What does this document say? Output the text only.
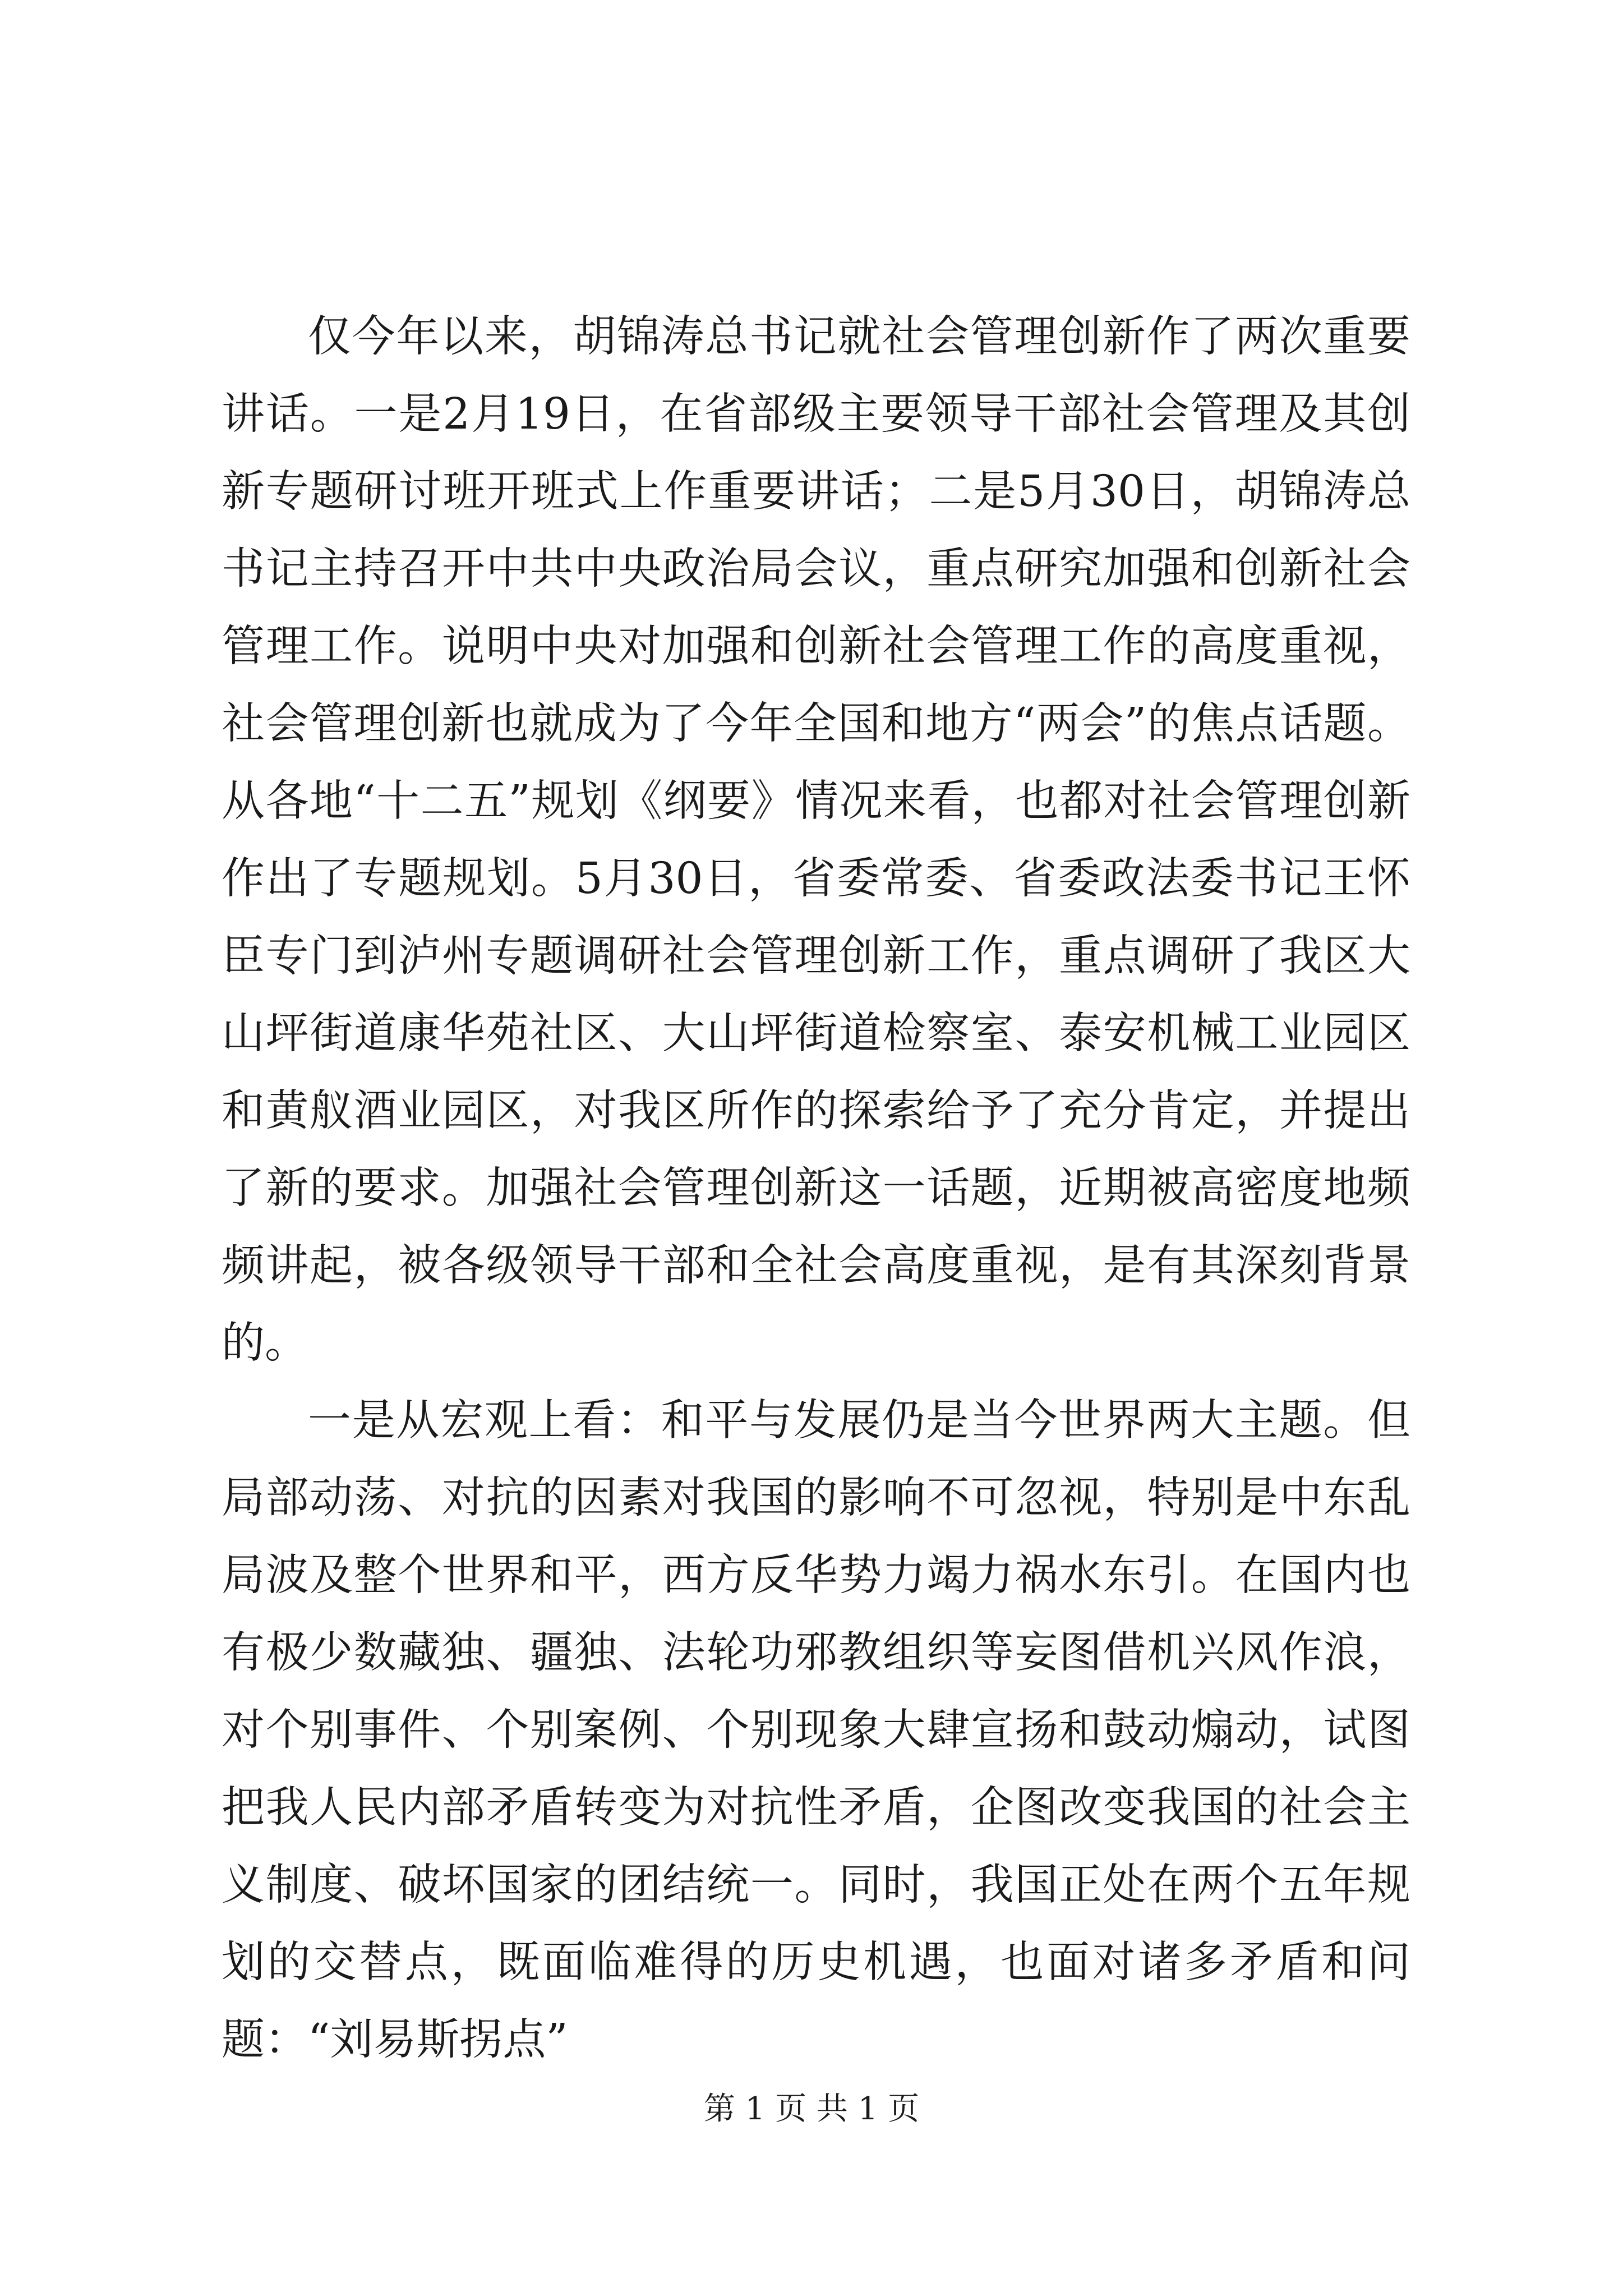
仅今年以来，胡锦涛总书记就社会管理创新作了两次重要讲话。一是2月19日，在省部级主要领导干部社会管理及其创新专题研讨班开班式上作重要讲话；二是5月30日，胡锦涛总书记主持召开中共中央政治局会议，重点研究加强和创新社会管理工作。说明中央对加强和创新社会管理工作的高度重视，社会管理创新也就成为了今年全国和地方“两会”的焦点话题。从各地“十二五”规划《纲要》情况来看，也都对社会管理创新作出了专题规划。5月30日，省委常委、省委政法委书记王怀臣专门到泸州专题调研社会管理创新工作，重点调研了我区大山坪街道康华苑社区、大山坪街道检察室、泰安机械工业园区和黄舣酒业园区，对我区所作的探索给予了充分肯定，并提出了新的要求。加强社会管理创新这一话题，近期被高密度地频频讲起，被各级领导干部和全社会高度重视，是有其深刻背景的。

一是从宏观上看：和平与发展仍是当今世界两大主题。但局部动荡、对抗的因素对我国的影响不可忽视，特别是中东乱局波及整个世界和平，西方反华势力竭力祸水东引。在国内也有极少数藏独、疆独、法轮功邪教组织等妄图借机兴风作浪，对个别事件、个别案例、个别现象大肆宣扬和鼓动煽动，试图把我人民内部矛盾转变为对抗性矛盾，企图改变我国的社会主义制度、破坏国家的团结统一。同时，我国正处在两个五年规划的交替点，既面临难得的历史机遇，也面对诸多矛盾和问题：“刘易斯拐点”

第 1 页 共 1 页
